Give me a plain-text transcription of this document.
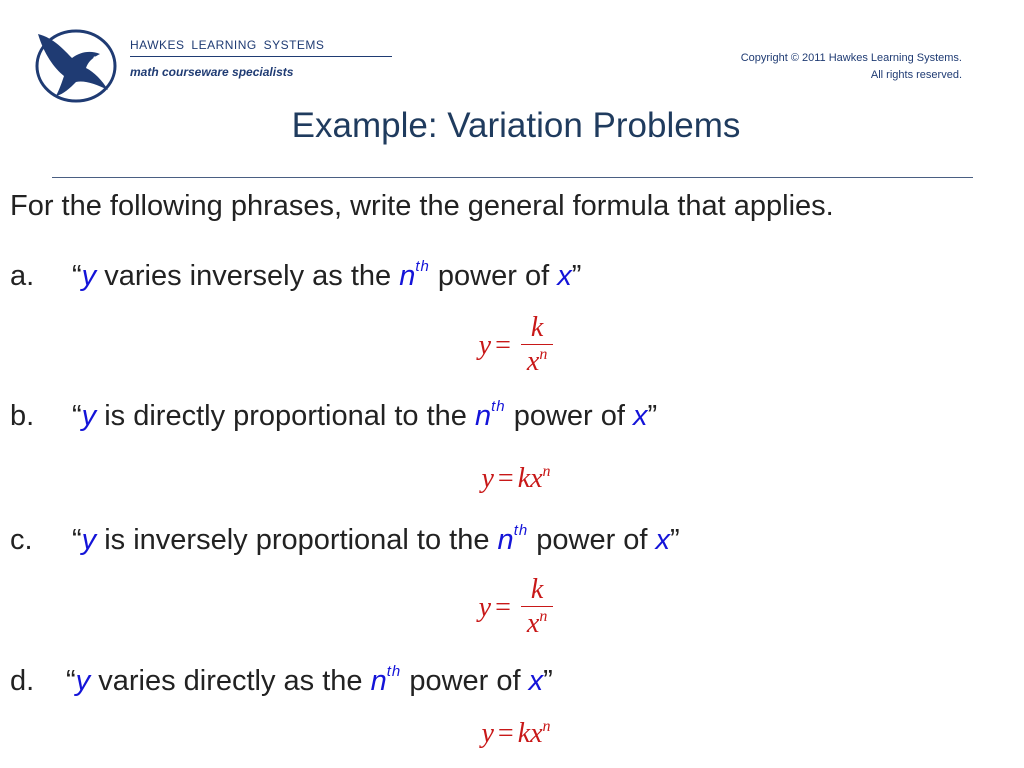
HAWKES LEARNING SYSTEMS
math courseware specialists
Copyright © 2011 Hawkes Learning Systems.
All rights reserved.
Example: Variation Problems
For the following phrases, write the general formula that applies.
a. “y varies inversely as the $n^{th}$ power of x”
$y = \frac{k}{x^n}$
b. “y is directly proportional to the $n^{th}$ power of x”
$y = kx^n$
c. “y is inversely proportional to the $n^{th}$ power of x”
$y = \frac{k}{x^n}$
d. “y varies directly as the $n^{th}$ power of x”
$y = kx^n$
